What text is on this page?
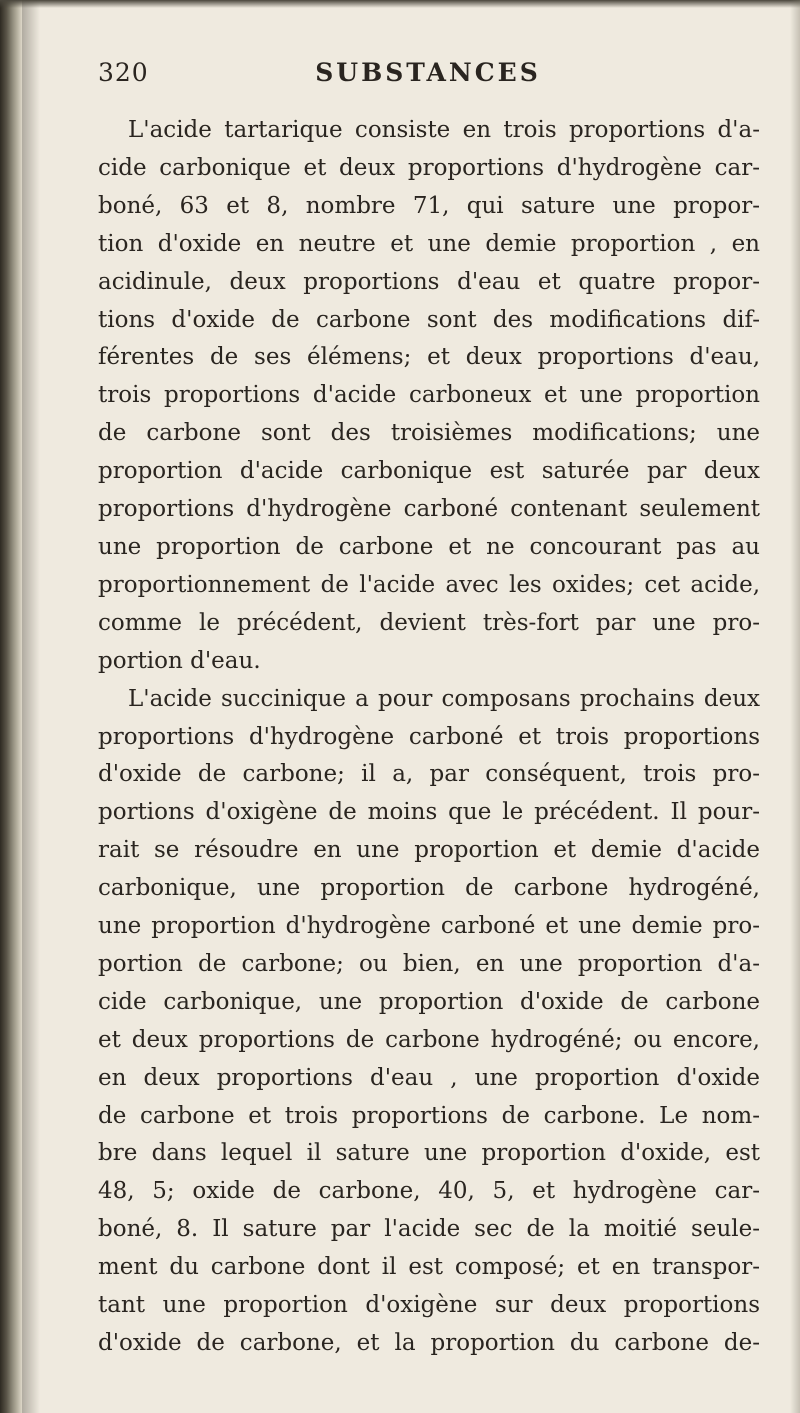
320	SUBSTANCES

L'acide tartarique consiste en trois proportions d'a-
cide carbonique et deux proportions d'hydrogène car-
boné, 63 et 8, nombre 71, qui sature une propor-
tion d'oxide en neutre et une demie proportion , en
acidinule, deux proportions d'eau et quatre propor-
tions d'oxide de carbone sont des modifications dif-
férentes de ses élémens; et deux proportions d'eau,
trois proportions d'acide carboneux et une proportion
de carbone sont des troisièmes modifications; une
proportion d'acide carbonique est saturée par deux
proportions d'hydrogène carboné contenant seulement
une proportion de carbone et ne concourant pas au
proportionnement de l'acide avec les oxides; cet acide,
comme le précédent, devient très-fort par une pro-
portion d'eau.

L'acide succinique a pour composans prochains deux
proportions d'hydrogène carboné et trois proportions
d'oxide de carbone; il a, par conséquent, trois pro-
portions d'oxigène de moins que le précédent. Il pour-
rait se résoudre en une proportion et demie d'acide
carbonique, une proportion de carbone hydrogéné,
une proportion d'hydrogène carboné et une demie pro-
portion de carbone; ou bien, en une proportion d'a-
cide carbonique, une proportion d'oxide de carbone
et deux proportions de carbone hydrogéné; ou encore,
en deux proportions d'eau , une proportion d'oxide
de carbone et trois proportions de carbone. Le nom-
bre dans lequel il sature une proportion d'oxide, est
48, 5; oxide de carbone, 40, 5, et hydrogène car-
boné, 8. Il sature par l'acide sec de la moitié seule-
ment du carbone dont il est composé; et en transpor-
tant une proportion d'oxigène sur deux proportions
d'oxide de carbone, et la proportion du carbone de-
